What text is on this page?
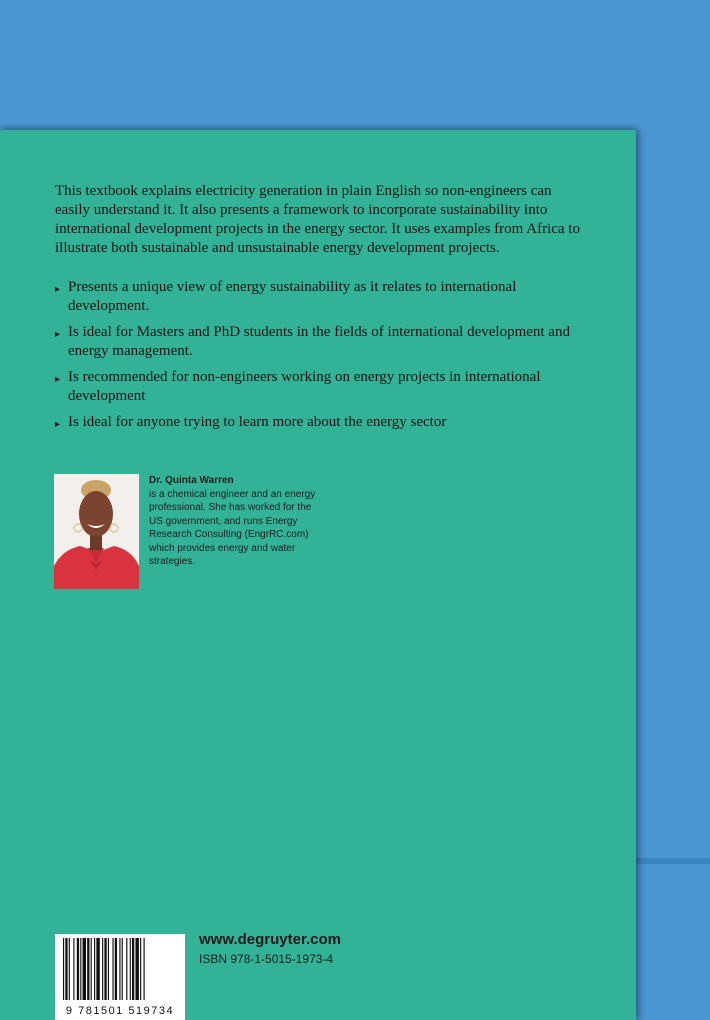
This textbook explains electricity generation in plain English so non-engineers can easily understand it. It also presents a framework to incorporate sustainability into international development projects in the energy sector. It uses examples from Africa to illustrate both sustainable and unsustainable energy development projects.

▸ Presents a unique view of energy sustainability as it relates to international development.
▸ Is ideal for Masters and PhD students in the fields of international development and energy management.
▸ Is recommended for non-engineers working on energy projects in international development
▸ Is ideal for anyone trying to learn more about the energy sector
Dr. Quinta Warren
is a chemical engineer and an energy professional. She has worked for the US government, and runs Energy Research Consulting (EngrRC.com) which provides energy and water strategies.
9 781501 519734
www.degruyter.com
ISBN 978-1-5015-1973-4
